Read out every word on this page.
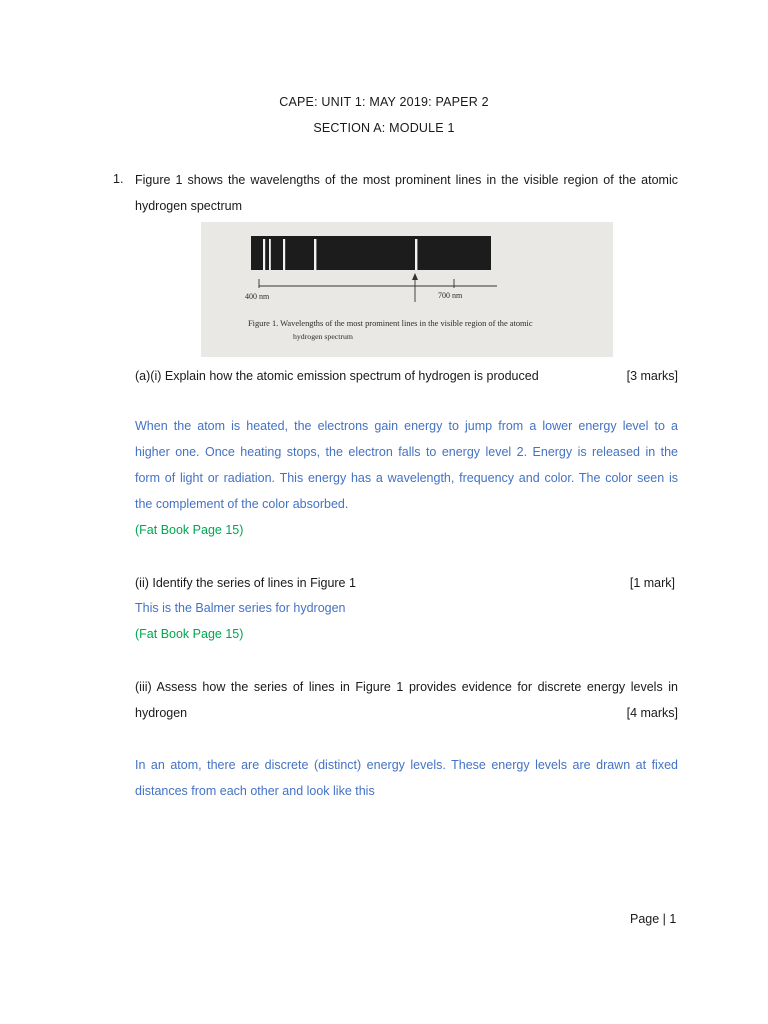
CAPE: UNIT 1: MAY 2019: PAPER 2
SECTION A: MODULE 1
1. Figure 1 shows the wavelengths of the most prominent lines in the visible region of the atomic
hydrogen spectrum
400 nm	700 nm
Figure 1. Wavelengths of the most prominent lines in the visible region of the atomic
hydrogen spectrum
(a)(i) Explain how the atomic emission spectrum of hydrogen is produced	[3 marks]
When the atom is heated, the electrons gain energy to jump from a lower energy level to a
higher one. Once heating stops, the electron falls to energy level 2. Energy is released in the
form of light or radiation. This energy has a wavelength, frequency and color. The color seen is
the complement of the color absorbed.
(Fat Book Page 15)
(ii) Identify the series of lines in Figure 1	[1 mark]
This is the Balmer series for hydrogen
(Fat Book Page 15)
(iii) Assess how the series of lines in Figure 1 provides evidence for discrete energy levels in
hydrogen	[4 marks]
In an atom, there are discrete (distinct) energy levels. These energy levels are drawn at fixed
distances from each other and look like this
Page | 1
